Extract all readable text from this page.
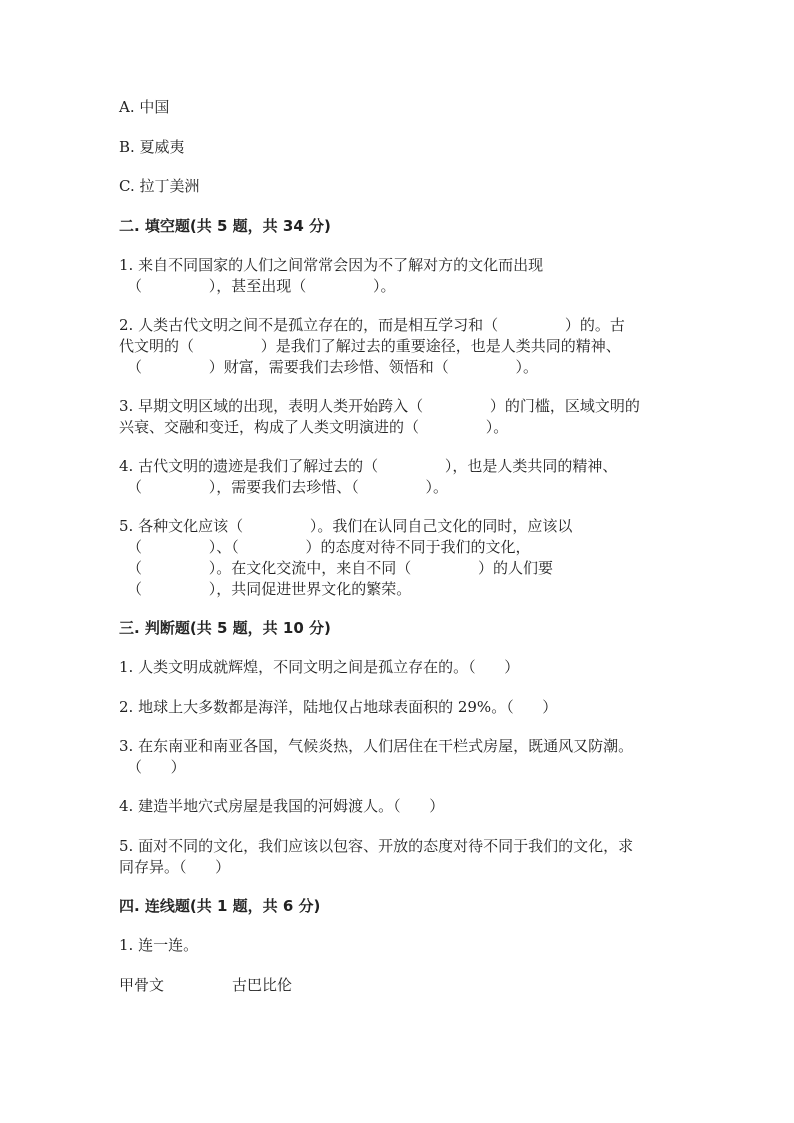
A. 中国
B. 夏威夷
C. 拉丁美洲
二. 填空题(共 5 题，共 34 分)
1. 来自不同国家的人们之间常常会因为不了解对方的文化而出现
（              ），甚至出现（              ）。
2. 人类古代文明之间不是孤立存在的，而是相互学习和（              ）的。古
代文明的（              ）是我们了解过去的重要途径，也是人类共同的精神、
（              ）财富，需要我们去珍惜、领悟和（              ）。
3. 早期文明区域的出现，表明人类开始跨入（              ）的门槛，区域文明的
兴衰、交融和变迁，构成了人类文明演进的（              ）。
4. 古代文明的遗迹是我们了解过去的（              ），也是人类共同的精神、
（              ），需要我们去珍惜、（              ）。
5. 各种文化应该（              ）。我们在认同自己文化的同时，应该以
（              ）、（              ）的态度对待不同于我们的文化，
（              ）。在文化交流中，来自不同（              ）的人们要
（              ），共同促进世界文化的繁荣。
三. 判断题(共 5 题，共 10 分)
1. 人类文明成就辉煌，不同文明之间是孤立存在的。（      ）
2. 地球上大多数都是海洋，陆地仅占地球表面积的 29%。（      ）
3. 在东南亚和南亚各国，气候炎热，人们居住在干栏式房屋，既通风又防潮。
（      ）
4. 建造半地穴式房屋是我国的河姆渡人。（      ）
5. 面对不同的文化，我们应该以包容、开放的态度对待不同于我们的文化，求
同存异。（      ）
四. 连线题(共 1 题，共 6 分)
1. 连一连。
甲骨文	古巴比伦
